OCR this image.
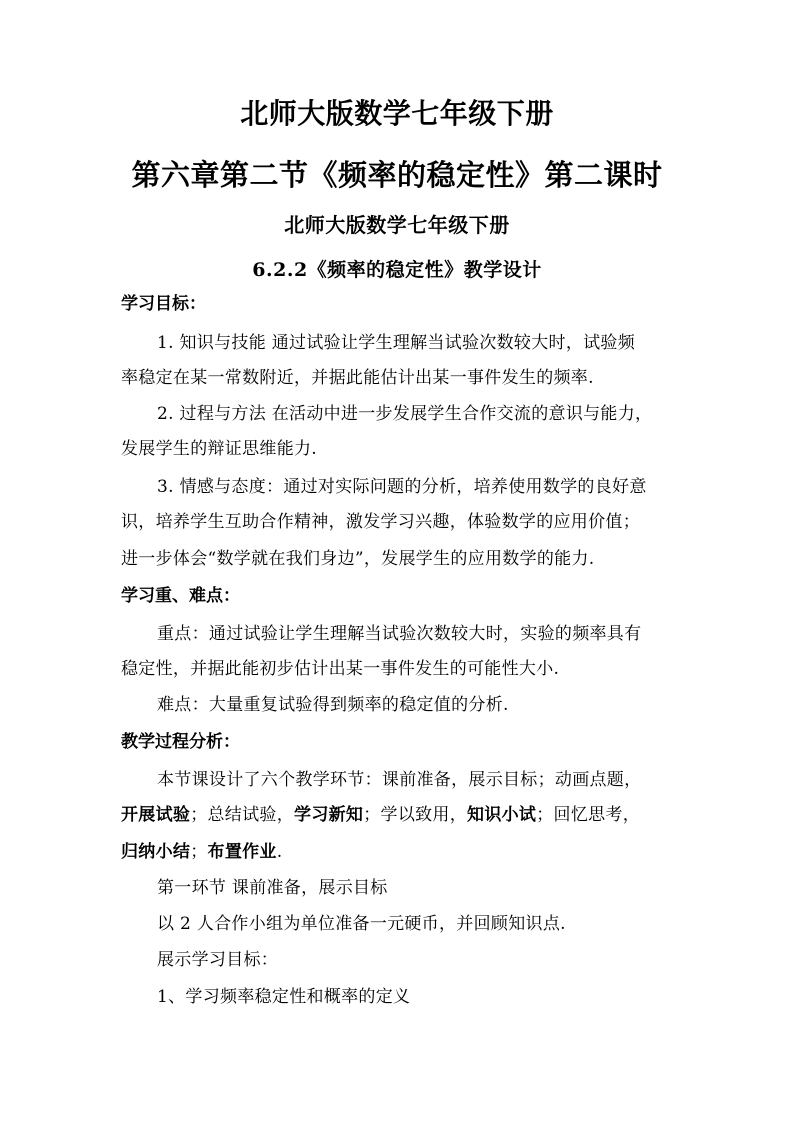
北师大版数学七年级下册
第六章第二节《频率的稳定性》第二课时
北师大版数学七年级下册
6.2.2《频率的稳定性》教学设计
学习目标：
1. 知识与技能 通过试验让学生理解当试验次数较大时，试验频
率稳定在某一常数附近，并据此能估计出某一事件发生的频率.
2. 过程与方法 在活动中进一步发展学生合作交流的意识与能力，
发展学生的辩证思维能力.
3. 情感与态度：通过对实际问题的分析，培养使用数学的良好意
识，培养学生互助合作精神，激发学习兴趣，体验数学的应用价值；
进一步体会“数学就在我们身边”，发展学生的应用数学的能力.
学习重、难点：
重点：通过试验让学生理解当试验次数较大时，实验的频率具有
稳定性，并据此能初步估计出某一事件发生的可能性大小.
难点：大量重复试验得到频率的稳定值的分析.
教学过程分析：
本节课设计了六个教学环节：课前准备，展示目标；动画点题，
开展试验；总结试验，学习新知；学以致用，知识小试；回忆思考，
归纳小结；布置作业.
第一环节 课前准备，展示目标
以 2 人合作小组为单位准备一元硬币，并回顾知识点.
展示学习目标：
1、学习频率稳定性和概率的定义
